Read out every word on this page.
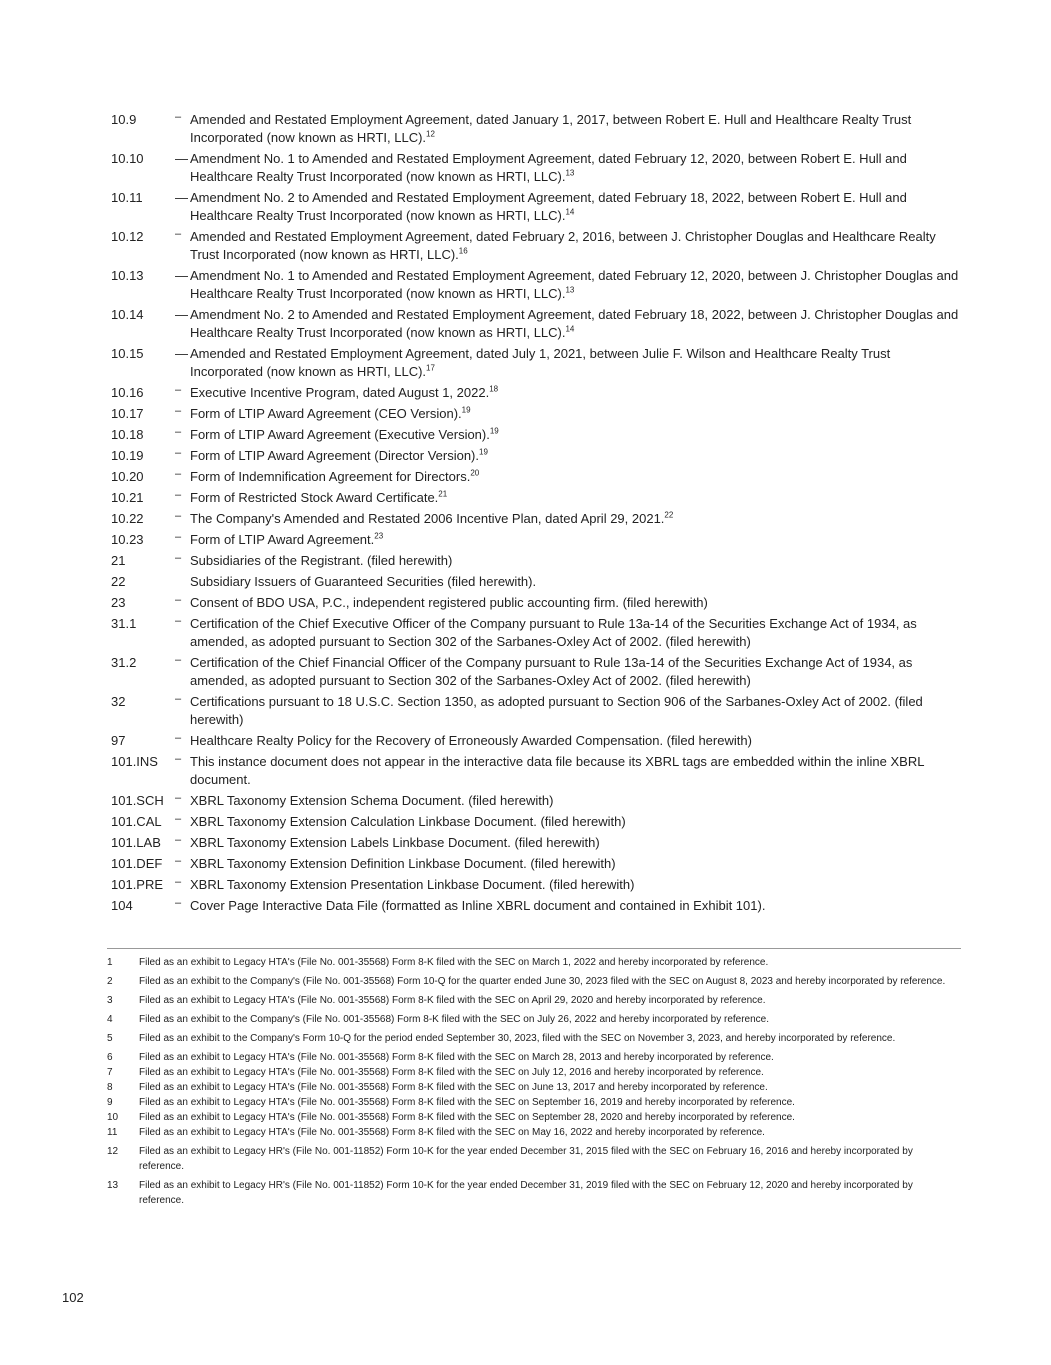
10.9	– Amended and Restated Employment Agreement, dated January 1, 2017, between Robert E. Hull and Healthcare Realty Trust Incorporated (now known as HRTI, LLC).$^{12}$
10.10	— Amendment No. 1 to Amended and Restated Employment Agreement, dated February 12, 2020, between Robert E. Hull and Healthcare Realty Trust Incorporated (now known as HRTI, LLC).$^{13}$
10.11	— Amendment No. 2 to Amended and Restated Employment Agreement, dated February 18, 2022, between Robert E. Hull and Healthcare Realty Trust Incorporated (now known as HRTI, LLC).$^{14}$
10.12	– Amended and Restated Employment Agreement, dated February 2, 2016, between J. Christopher Douglas and Healthcare Realty Trust Incorporated (now known as HRTI, LLC).$^{16}$
10.13	— Amendment No. 1 to Amended and Restated Employment Agreement, dated February 12, 2020, between J. Christopher Douglas and Healthcare Realty Trust Incorporated (now known as HRTI, LLC).$^{13}$
10.14	— Amendment No. 2 to Amended and Restated Employment Agreement, dated February 18, 2022, between J. Christopher Douglas and Healthcare Realty Trust Incorporated (now known as HRTI, LLC).$^{14}$
10.15	— Amended and Restated Employment Agreement, dated July 1, 2021, between Julie F. Wilson and Healthcare Realty Trust Incorporated (now known as HRTI, LLC).$^{17}$
10.16	– Executive Incentive Program, dated August 1, 2022.18
10.17	– Form of LTIP Award Agreement (CEO Version).$^{19}$
10.18	– Form of LTIP Award Agreement (Executive Version).$^{19}$
10.19	– Form of LTIP Award Agreement (Director Version).$^{19}$
10.20	– Form of Indemnification Agreement for Directors.$^{20}$
10.21	– Form of Restricted Stock Award Certificate.$^{21}$
10.22	– The Company's Amended and Restated 2006 Incentive Plan, dated April 29, 2021.22
10.23	– Form of LTIP Award Agreement.$^{23}$
21	– Subsidiaries of the Registrant. (filed herewith)
22	Subsidiary Issuers of Guaranteed Securities (filed herewith).
23	– Consent of BDO USA, P.C., independent registered public accounting firm. (filed herewith)
31.1	– Certification of the Chief Executive Officer of the Company pursuant to Rule 13a-14 of the Securities Exchange Act of 1934, as amended, as adopted pursuant to Section 302 of the Sarbanes-Oxley Act of 2002. (filed herewith)
31.2	– Certification of the Chief Financial Officer of the Company pursuant to Rule 13a-14 of the Securities Exchange Act of 1934, as amended, as adopted pursuant to Section 302 of the Sarbanes-Oxley Act of 2002. (filed herewith)
32	– Certifications pursuant to 18 U.S.C. Section 1350, as adopted pursuant to Section 906 of the Sarbanes-Oxley Act of 2002. (filed herewith)
97	– Healthcare Realty Policy for the Recovery of Erroneously Awarded Compensation. (filed herewith)
101.INS	– This instance document does not appear in the interactive data file because its XBRL tags are embedded within the inline XBRL document.
101.SCH	– XBRL Taxonomy Extension Schema Document. (filed herewith)
101.CAL	– XBRL Taxonomy Extension Calculation Linkbase Document. (filed herewith)
101.LAB	– XBRL Taxonomy Extension Labels Linkbase Document. (filed herewith)
101.DEF	– XBRL Taxonomy Extension Definition Linkbase Document. (filed herewith)
101.PRE	– XBRL Taxonomy Extension Presentation Linkbase Document. (filed herewith)
104	– Cover Page Interactive Data File (formatted as Inline XBRL document and contained in Exhibit 101).
1	Filed as an exhibit to Legacy HTA's (File No. 001-35568) Form 8-K filed with the SEC on March 1, 2022 and hereby incorporated by reference.
2	Filed as an exhibit to the Company's (File No. 001-35568) Form 10-Q for the quarter ended June 30, 2023 filed with the SEC on August 8, 2023 and hereby incorporated by reference.
3	Filed as an exhibit to Legacy HTA's (File No. 001-35568) Form 8-K filed with the SEC on April 29, 2020 and hereby incorporated by reference.
4	Filed as an exhibit to the Company's (File No. 001-35568) Form 8-K filed with the SEC on July 26, 2022 and hereby incorporated by reference.
5	Filed as an exhibit to the Company's Form 10-Q for the period ended September 30, 2023, filed with the SEC on November 3, 2023, and hereby incorporated by reference.
6	Filed as an exhibit to Legacy HTA's (File No. 001-35568) Form 8-K filed with the SEC on March 28, 2013 and hereby incorporated by reference.
7	Filed as an exhibit to Legacy HTA's (File No. 001-35568) Form 8-K filed with the SEC on July 12, 2016 and hereby incorporated by reference.
8	Filed as an exhibit to Legacy HTA's (File No. 001-35568) Form 8-K filed with the SEC on June 13, 2017 and hereby incorporated by reference.
9	Filed as an exhibit to Legacy HTA's (File No. 001-35568) Form 8-K filed with the SEC on September 16, 2019 and hereby incorporated by reference.
10	Filed as an exhibit to Legacy HTA's (File No. 001-35568) Form 8-K filed with the SEC on September 28, 2020 and hereby incorporated by reference.
11	Filed as an exhibit to Legacy HTA's (File No. 001-35568) Form 8-K filed with the SEC on May 16, 2022 and hereby incorporated by reference.
12	Filed as an exhibit to Legacy HR's (File No. 001-11852) Form 10-K for the year ended December 31, 2015 filed with the SEC on February 16, 2016 and hereby incorporated by reference.
13	Filed as an exhibit to Legacy HR's (File No. 001-11852) Form 10-K for the year ended December 31, 2019 filed with the SEC on February 12, 2020 and hereby incorporated by reference.
102
